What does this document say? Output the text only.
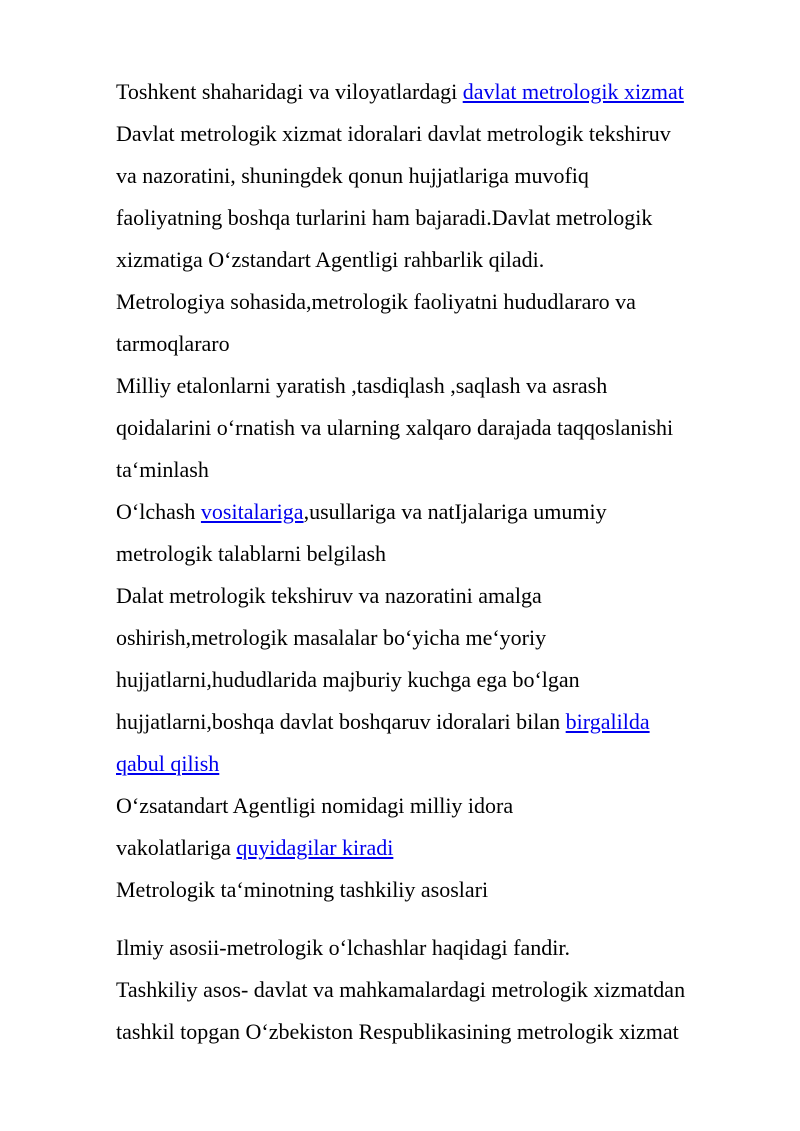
Toshkent shaharidagi va viloyatlardagi davlat metrologik xizmat
Davlat metrologik xizmat idoralari davlat metrologik tekshiruv
va nazoratini, shuningdek qonun hujjatlariga muvofiq
faoliyatning boshqa turlarini ham bajaradi.Davlat metrologik
xizmatiga O‘zstandart Agentligi rahbarlik qiladi.
Metrologiya sohasida,metrologik faoliyatni hududlararo va
tarmoqlararo
Milliy etalonlarni yaratish ,tasdiqlash ,saqlash va asrash
qoidalarini o‘rnatish va ularning xalqaro darajada taqqoslanishi
ta‘minlash
O‘lchash vositalariga,usullariga va natIjalariga umumiy
metrologik talablarni belgilash
Dalat metrologik tekshiruv va nazoratini amalga
oshirish,metrologik masalalar bo‘yicha me‘yoriy
hujjatlarni,hududlarida majburiy kuchga ega bo‘lgan
hujjatlarni,boshqa davlat boshqaruv idoralari bilan birgalilda
qabul qilish
O‘zsatandart Agentligi nomidagi milliy idora
vakolatlariga quyidagilar kiradi
Metrologik ta‘minotning tashkiliy asoslari
Ilmiy asosii-metrologik o‘lchashlar haqidagi fandir.
Tashkiliy asos- davlat va mahkamalardagi metrologik xizmatdan
tashkil topgan O‘zbekiston Respublikasining metrologik xizmat
